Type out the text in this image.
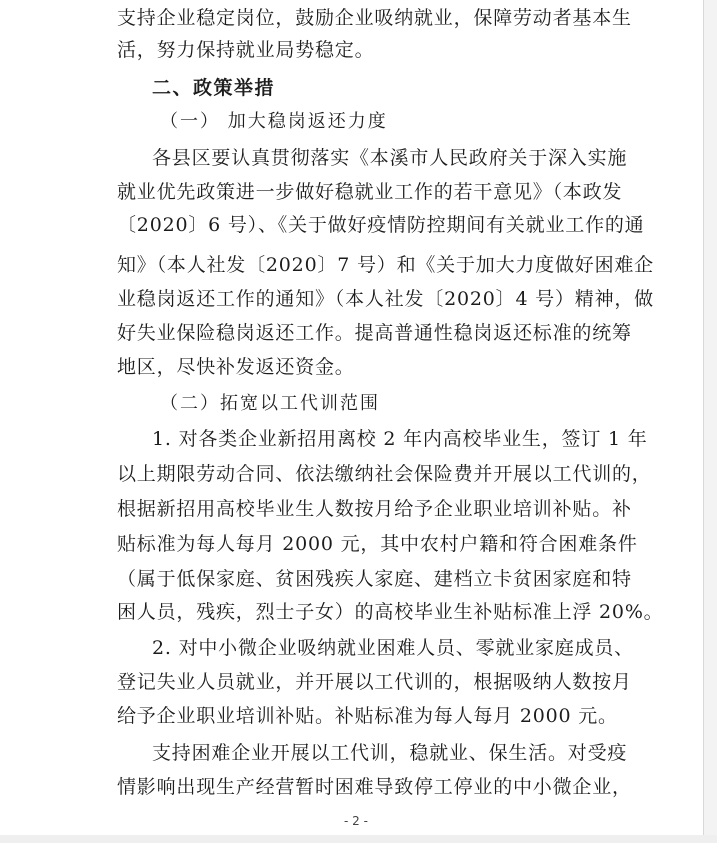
支持企业稳定岗位，鼓励企业吸纳就业，保障劳动者基本生
活，努力保持就业局势稳定。
二、政策举措
（一） 加大稳岗返还力度
各县区要认真贯彻落实《本溪市人民政府关于深入实施
就业优先政策进一步做好稳就业工作的若干意见》（本政发
〔2020〕6 号）、《关于做好疫情防控期间有关就业工作的通
知》（本人社发〔2020〕7 号）和《关于加大力度做好困难企
业稳岗返还工作的通知》（本人社发〔2020〕4 号）精神，做
好失业保险稳岗返还工作。提高普通性稳岗返还标准的统筹
地区，尽快补发返还资金。
（二）拓宽以工代训范围
1. 对各类企业新招用离校 2 年内高校毕业生，签订 1 年
以上期限劳动合同、依法缴纳社会保险费并开展以工代训的，
根据新招用高校毕业生人数按月给予企业职业培训补贴。补
贴标准为每人每月 2000 元，其中农村户籍和符合困难条件
（属于低保家庭、贫困残疾人家庭、建档立卡贫困家庭和特
困人员，残疾，烈士子女）的高校毕业生补贴标准上浮 20%。
2. 对中小微企业吸纳就业困难人员、零就业家庭成员、
登记失业人员就业，并开展以工代训的，根据吸纳人数按月
给予企业职业培训补贴。补贴标准为每人每月 2000 元。
支持困难企业开展以工代训，稳就业、保生活。对受疫
情影响出现生产经营暂时困难导致停工停业的中小微企业，
- 2 -
